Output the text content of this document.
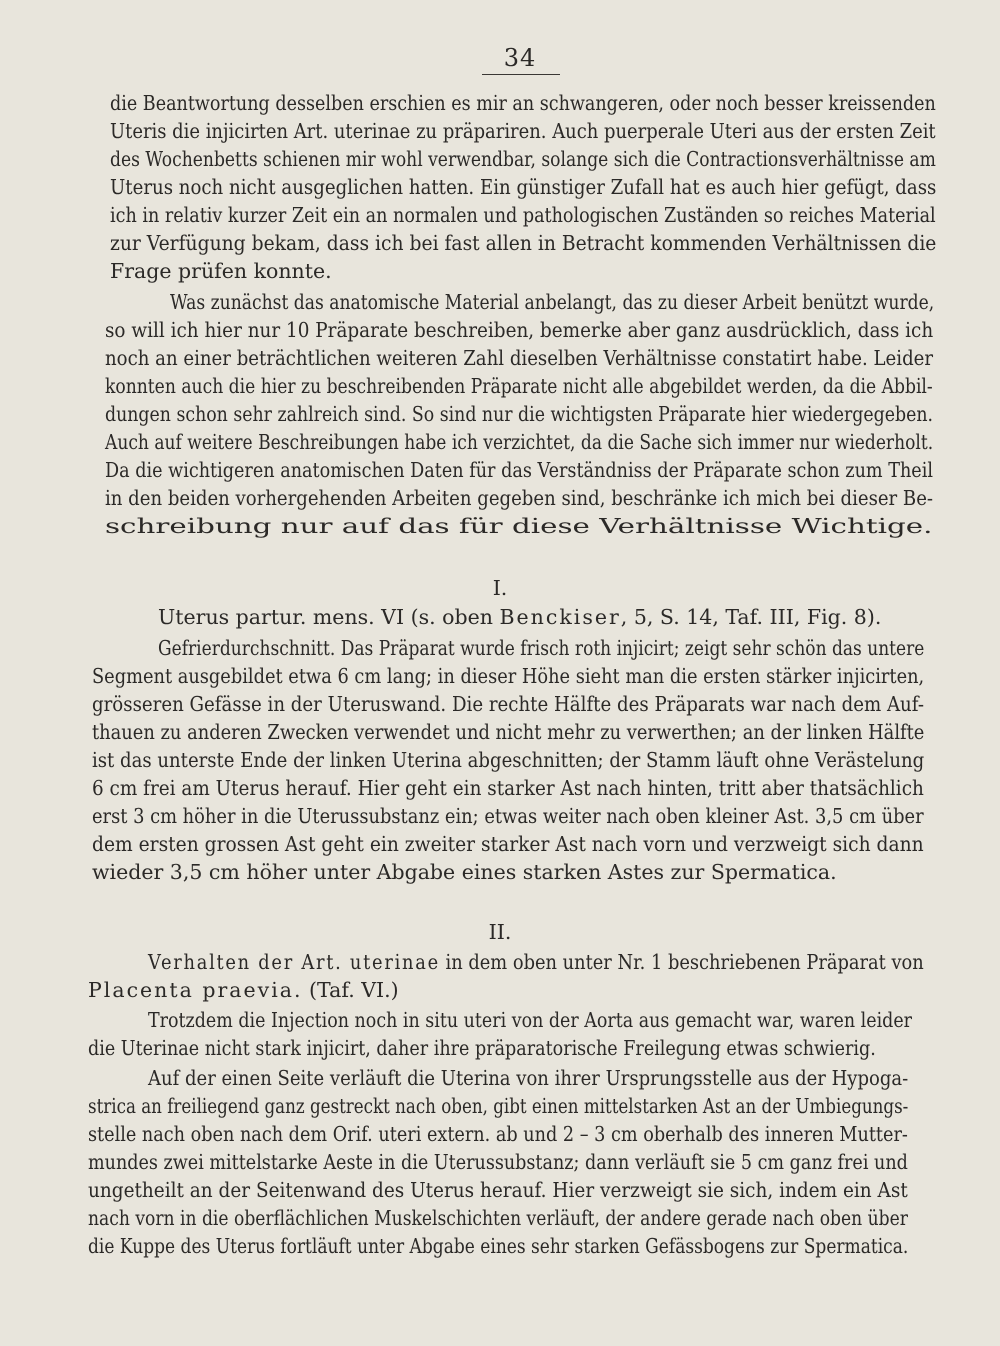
34
die Beantwortung desselben erschien es mir an schwangeren, oder noch besser kreissenden
Uteris die injicirten Art. uterinae zu präpariren. Auch puerperale Uteri aus der ersten Zeit
des Wochenbetts schienen mir wohl verwendbar, solange sich die Contractionsverhältnisse am
Uterus noch nicht ausgeglichen hatten. Ein günstiger Zufall hat es auch hier gefügt, dass
ich in relativ kurzer Zeit ein an normalen und pathologischen Zuständen so reiches Material
zur Verfügung bekam, dass ich bei fast allen in Betracht kommenden Verhältnissen die
Frage prüfen konnte.
Was zunächst das anatomische Material anbelangt, das zu dieser Arbeit benützt wurde,
so will ich hier nur 10 Präparate beschreiben, bemerke aber ganz ausdrücklich, dass ich
noch an einer beträchtlichen weiteren Zahl dieselben Verhältnisse constatirt habe. Leider
konnten auch die hier zu beschreibenden Präparate nicht alle abgebildet werden, da die Abbil-
dungen schon sehr zahlreich sind. So sind nur die wichtigsten Präparate hier wiedergegeben.
Auch auf weitere Beschreibungen habe ich verzichtet, da die Sache sich immer nur wiederholt.
Da die wichtigeren anatomischen Daten für das Verständniss der Präparate schon zum Theil
in den beiden vorhergehenden Arbeiten gegeben sind, beschränke ich mich bei dieser Be-
schreibung nur auf das für diese Verhältnisse Wichtige.
I.
Uterus partur. mens. VI (s. oben Benckiser, 5, S. 14, Taf. III, Fig. 8).
Gefrierdurchschnitt. Das Präparat wurde frisch roth injicirt; zeigt sehr schön das untere
Segment ausgebildet etwa 6 cm lang; in dieser Höhe sieht man die ersten stärker injicirten,
grösseren Gefässe in der Uteruswand. Die rechte Hälfte des Präparats war nach dem Auf-
thauen zu anderen Zwecken verwendet und nicht mehr zu verwerthen; an der linken Hälfte
ist das unterste Ende der linken Uterina abgeschnitten; der Stamm läuft ohne Verästelung
6 cm frei am Uterus herauf. Hier geht ein starker Ast nach hinten, tritt aber thatsächlich
erst 3 cm höher in die Uterussubstanz ein; etwas weiter nach oben kleiner Ast. 3,5 cm über
dem ersten grossen Ast geht ein zweiter starker Ast nach vorn und verzweigt sich dann
wieder 3,5 cm höher unter Abgabe eines starken Astes zur Spermatica.
II.
Verhalten der Art. uterinae in dem oben unter Nr. 1 beschriebenen Präparat von
Placenta praevia. (Taf. VI.)
Trotzdem die Injection noch in situ uteri von der Aorta aus gemacht war, waren leider
die Uterinae nicht stark injicirt, daher ihre präparatorische Freilegung etwas schwierig.
Auf der einen Seite verläuft die Uterina von ihrer Ursprungsstelle aus der Hypoga-
strica an freiliegend ganz gestreckt nach oben, gibt einen mittelstarken Ast an der Umbiegungs-
stelle nach oben nach dem Orif. uteri extern. ab und 2 – 3 cm oberhalb des inneren Mutter-
mundes zwei mittelstarke Aeste in die Uterussubstanz; dann verläuft sie 5 cm ganz frei und
ungetheilt an der Seitenwand des Uterus herauf. Hier verzweigt sie sich, indem ein Ast
nach vorn in die oberflächlichen Muskelschichten verläuft, der andere gerade nach oben über
die Kuppe des Uterus fortläuft unter Abgabe eines sehr starken Gefässbogens zur Spermatica.
